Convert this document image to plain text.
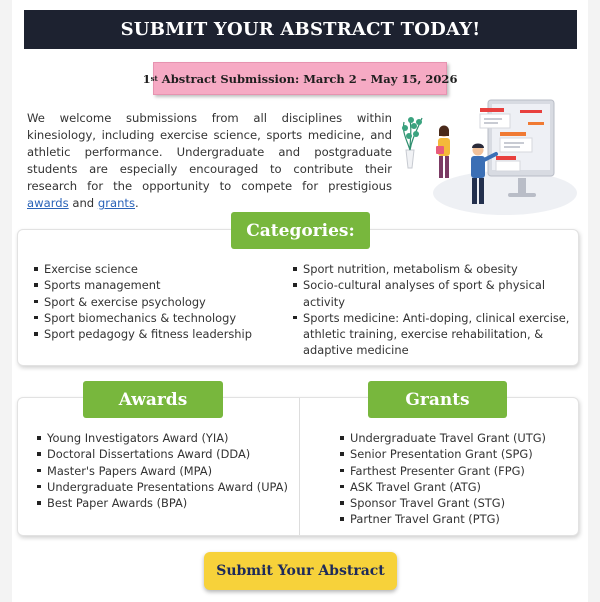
SUBMIT YOUR ABSTRACT TODAY!
1 st Abstract Submission: March 2 – May 15, 2026

We welcome submissions from all disciplines within kinesiology, including exercise science, sports medicine, and athletic performance. Undergraduate and postgraduate students are especially encouraged to contribute their research for the opportunity to compete for prestigious awards and grants.

Categories:
Exercise science
Sports management
Sport & exercise psychology
Sport biomechanics & technology
Sport pedagogy & fitness leadership
Sport nutrition, metabolism & obesity
Socio-cultural analyses of sport & physical activity
Sports medicine: Anti-doping, clinical exercise, athletic training, exercise rehabilitation, & adaptive medicine
Awards	Grants
Young Investigators Award (YIA)
Doctoral Dissertations Award (DDA)
Master's Papers Award (MPA)
Undergraduate Presentations Award (UPA)
Best Paper Awards (BPA)
Undergraduate Travel Grant (UTG)
Senior Presentation Grant (SPG)
Farthest Presenter Grant (FPG)
ASK Travel Grant (ATG)
Sponsor Travel Grant (STG)
Partner Travel Grant (PTG)
Submit Your Abstract
